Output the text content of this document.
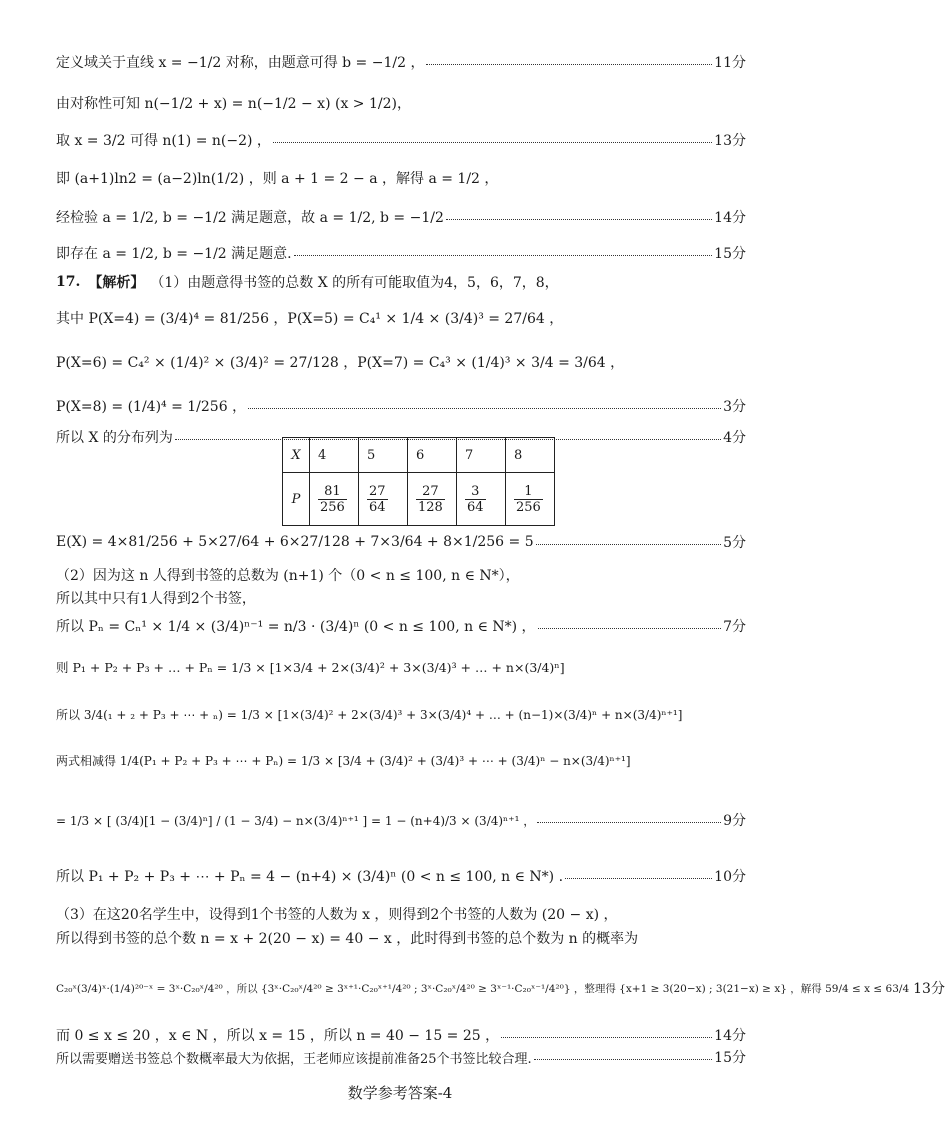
定义域关于直线 x = −1/2 对称，由题意可得 b = −1/2 ，	11分
由对称性可知 n(−1/2 + x) = n(−1/2 − x) (x > 1/2)，
取 x = 3/2 可得 n(1) = n(−2) ，	13分
即 (a+1)ln2 = (a−2)ln(1/2) ，则 a + 1 = 2 − a ，解得 a = 1/2 ，
经检验 a = 1/2, b = −1/2 满足题意，故 a = 1/2, b = −1/2	14分
即存在 a = 1/2, b = −1/2 满足题意.	15分
17. 【解析】 （1）由题意得书签的总数 X 的所有可能取值为4，5，6，7，8，
其中 P(X=4) = (3/4)⁴ = 81/256 ，P(X=5) = C₄¹ × 1/4 × (3/4)³ = 27/64 ，
P(X=6) = C₄² × (1/4)² × (3/4)² = 27/128 ，P(X=7) = C₄³ × (1/4)³ × 3/4 = 3/64 ，
P(X=8) = (1/4)⁴ = 1/256 ，	3分
所以 X 的分布列为	4分
X	4	5	6	7	8
P	$\frac{81}{256}$	$\frac{27}{64}$	$\frac{27}{128}$	$\frac{3}{64}$	$\frac{1}{256}$
E(X) = 4×81/256 + 5×27/64 + 6×27/128 + 7×3/64 + 8×1/256 = 5	5分
（2）因为这 n 人得到书签的总数为 (n+1) 个（0 < n ≤ 100, n ∈ N*），
所以其中只有1人得到2个书签，
所以 Pₙ = Cₙ¹ × 1/4 × (3/4)ⁿ⁻¹ = n/3 · (3/4)ⁿ (0 < n ≤ 100, n ∈ N*) ，	7分
则 P₁ + P₂ + P₃ + … + Pₙ = 1/3 × [1×3/4 + 2×(3/4)² + 3×(3/4)³ + … + n×(3/4)ⁿ]
所以 3/4(₁ + ₂ + P₃ + ⋯ + ₙ) = 1/3 × [1×(3/4)² + 2×(3/4)³ + 3×(3/4)⁴ + … + (n−1)×(3/4)ⁿ + n×(3/4)ⁿ⁺¹]
两式相减得 1/4(P₁ + P₂ + P₃ + ⋯ + Pₙ) = 1/3 × [3/4 + (3/4)² + (3/4)³ + ⋯ + (3/4)ⁿ − n×(3/4)ⁿ⁺¹]
= 1/3 × [ (3/4)[1 − (3/4)ⁿ] / (1 − 3/4) − n×(3/4)ⁿ⁺¹ ] = 1 − (n+4)/3 × (3/4)ⁿ⁺¹ ，	9分
所以 P₁ + P₂ + P₃ + ⋯ + Pₙ = 4 − (n+4) × (3/4)ⁿ (0 < n ≤ 100, n ∈ N*) .	10分
（3）在这20名学生中，设得到1个书签的人数为 x ，则得到2个书签的人数为 (20 − x) ，
所以得到书签的总个数 n = x + 2(20 − x) = 40 − x ，此时得到书签的总个数为 n 的概率为
C₂₀ˣ(3/4)ˣ·(1/4)²⁰⁻ˣ = 3ˣ·C₂₀ˣ/4²⁰ ，所以 {3ˣ·C₂₀ˣ/4²⁰ ≥ 3ˣ⁺¹·C₂₀ˣ⁺¹/4²⁰ ; 3ˣ·C₂₀ˣ/4²⁰ ≥ 3ˣ⁻¹·C₂₀ˣ⁻¹/4²⁰} ，整理得 {x+1 ≥ 3(20−x) ; 3(21−x) ≥ x} ，解得 59/4 ≤ x ≤ 63/4 13分
而 0 ≤ x ≤ 20 ，x ∈ N ，所以 x = 15 ，所以 n = 40 − 15 = 25 ，	14分
所以需要赠送书签总个数概率最大为依据，王老师应该提前准备25个书签比较合理.	15分
数学参考答案-4
